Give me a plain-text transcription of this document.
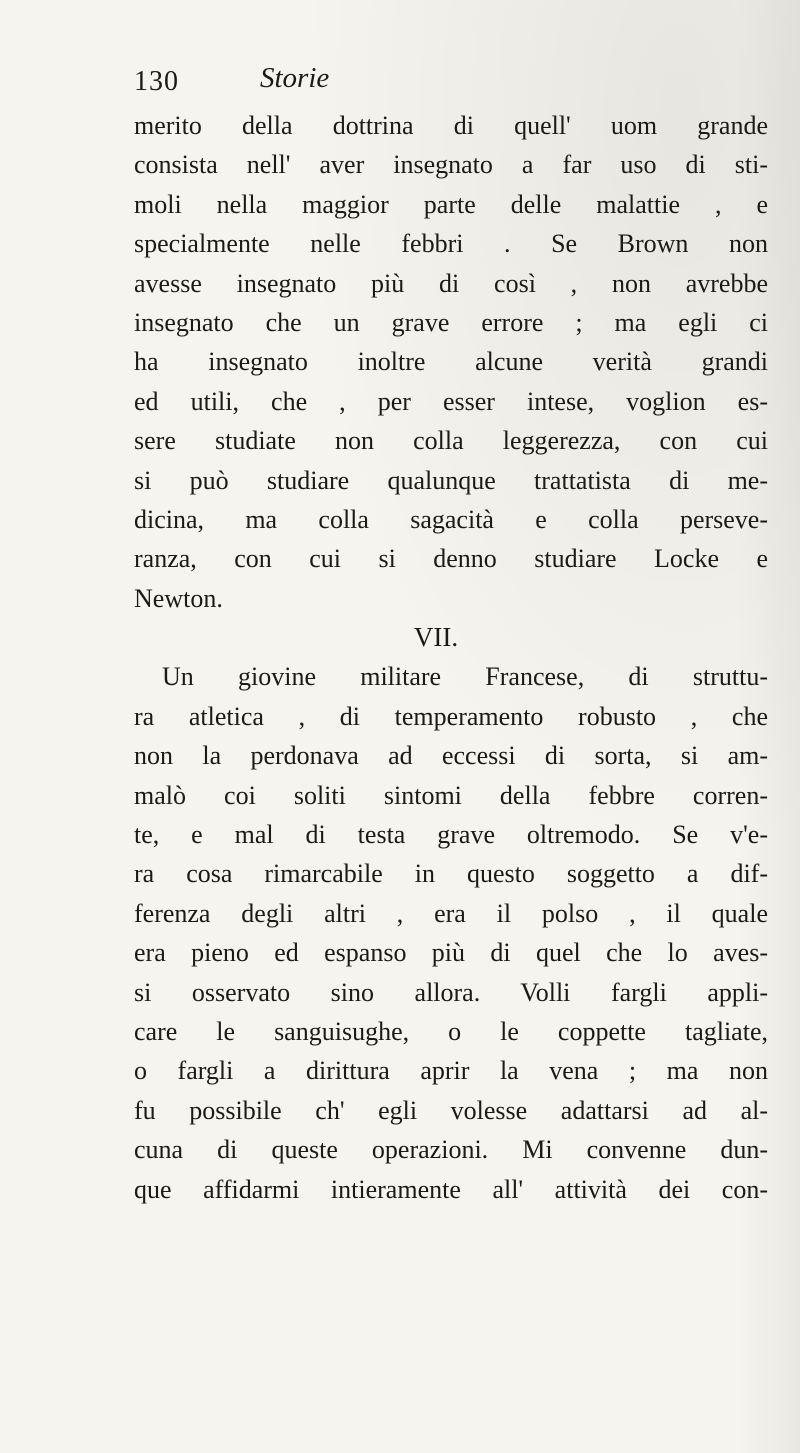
130	Storie
merito della dottrina di quell' uom grande
consista nell' aver insegnato a far uso di sti-
moli nella maggior parte delle malattie , e
specialmente nelle febbri . Se Brown non
avesse insegnato più di così , non avrebbe
insegnato che un grave errore ; ma egli ci
ha insegnato inoltre alcune verità grandi
ed utili, che , per esser intese, voglion es-
sere studiate non colla leggerezza, con cui
si può studiare qualunque trattatista di me-
dicina, ma colla sagacità e colla perseve-
ranza, con cui si denno studiare Locke e
Newton.
VII.
Un giovine militare Francese, di struttu-
ra atletica , di temperamento robusto , che
non la perdonava ad eccessi di sorta, si am-
malò coi soliti sintomi della febbre corren-
te, e mal di testa grave oltremodo. Se v'e-
ra cosa rimarcabile in questo soggetto a dif-
ferenza degli altri , era il polso , il quale
era pieno ed espanso più di quel che lo aves-
si osservato sino allora. Volli fargli appli-
care le sanguisughe, o le coppette tagliate,
o fargli a dirittura aprir la vena ; ma non
fu possibile ch' egli volesse adattarsi ad al-
cuna di queste operazioni. Mi convenne dun-
que affidarmi intieramente all' attività dei con-
